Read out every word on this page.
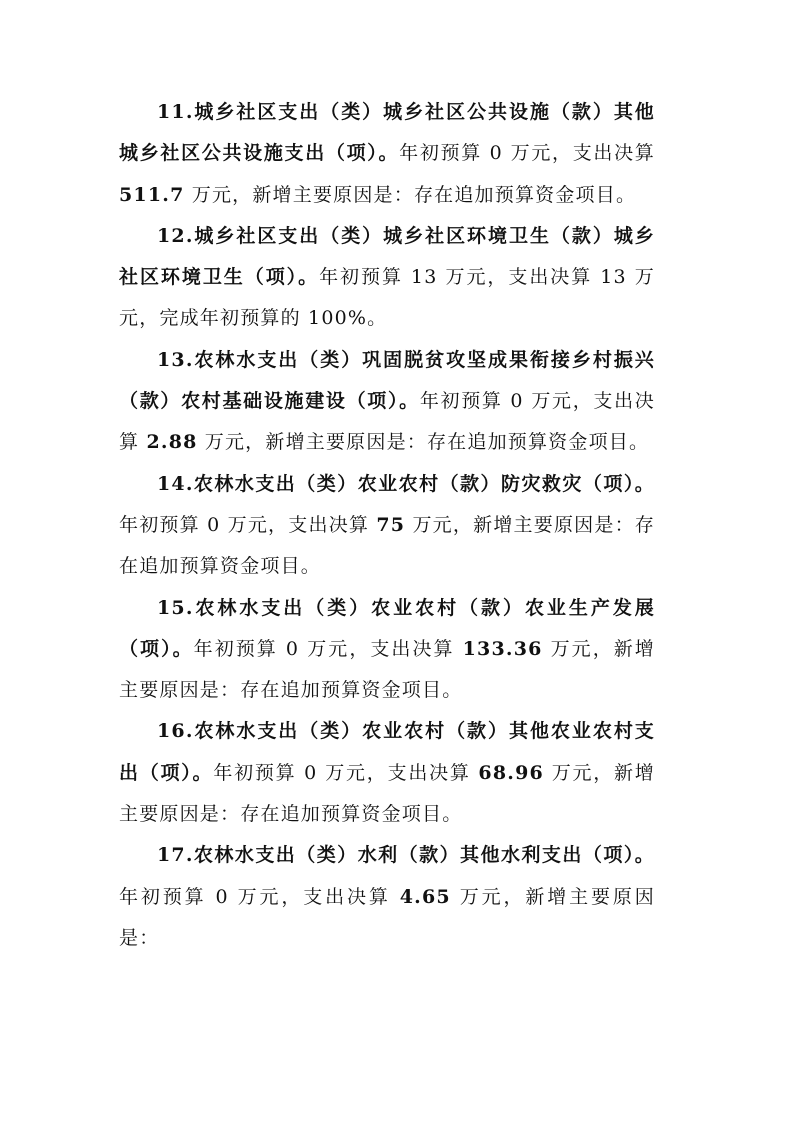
11.城乡社区支出（类）城乡社区公共设施（款）其他城乡社区公共设施支出（项）。年初预算 0 万元，支出决算 511.7 万元，新增主要原因是：存在追加预算资金项目。

12.城乡社区支出（类）城乡社区环境卫生（款）城乡社区环境卫生（项）。年初预算 13 万元，支出决算 13 万元，完成年初预算的 100%。

13.农林水支出（类）巩固脱贫攻坚成果衔接乡村振兴（款）农村基础设施建设（项）。年初预算 0 万元，支出决算 2.88 万元，新增主要原因是：存在追加预算资金项目。

14.农林水支出（类）农业农村（款）防灾救灾（项）。年初预算 0 万元，支出决算 75 万元，新增主要原因是：存在追加预算资金项目。

15.农林水支出（类）农业农村（款）农业生产发展（项）。年初预算 0 万元，支出决算 133.36 万元，新增主要原因是：存在追加预算资金项目。

16.农林水支出（类）农业农村（款）其他农业农村支出（项）。年初预算 0 万元，支出决算 68.96 万元，新增主要原因是：存在追加预算资金项目。

17.农林水支出（类）水利（款）其他水利支出（项）。年初预算 0 万元，支出决算 4.65 万元，新增主要原因是：
